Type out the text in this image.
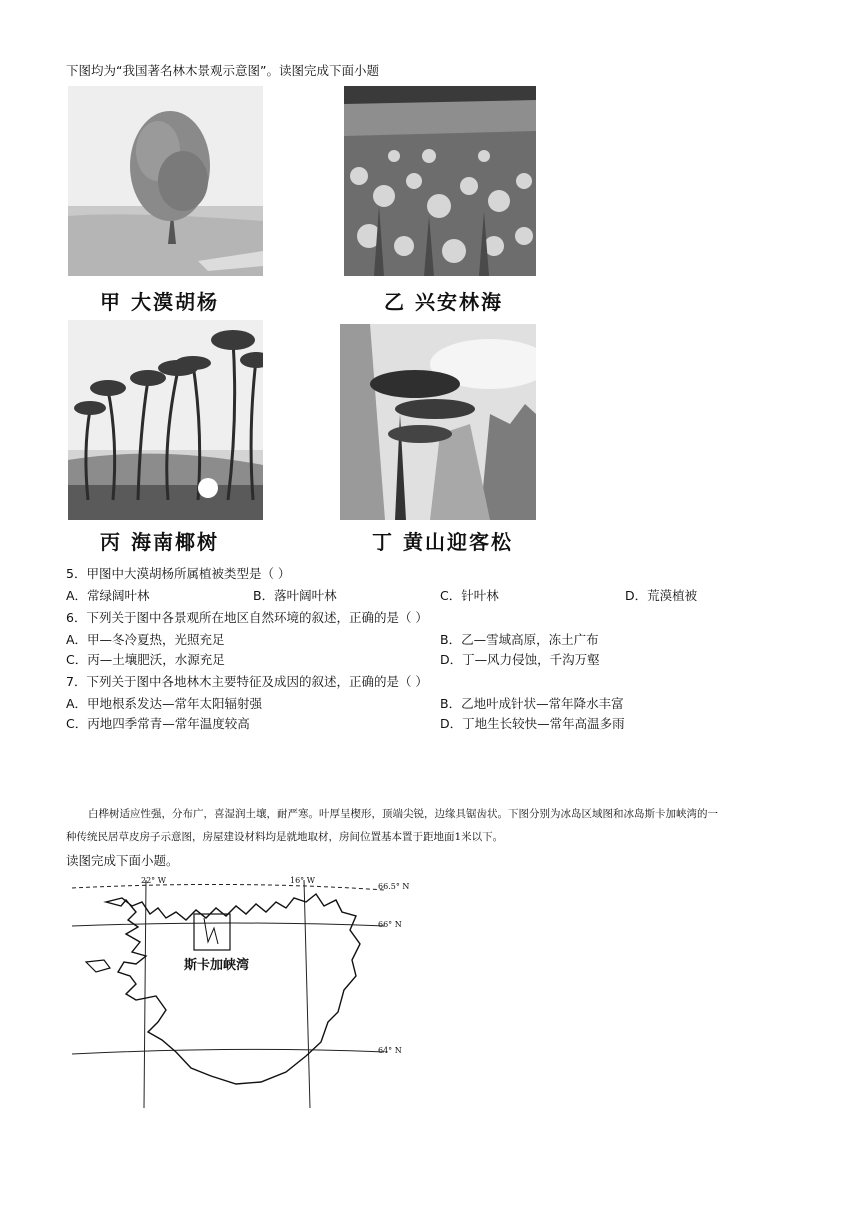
下图均为“我国著名林木景观示意图”。读图完成下面小题
甲 大漠胡杨	乙 兴安林海
丙 海南椰树	丁 黄山迎客松
5．甲图中大漠胡杨所属植被类型是（ ）
A．常绿阔叶林	B．落叶阔叶林	C．针叶林	D．荒漠植被
6．下列关于图中各景观所在地区自然环境的叙述，正确的是（ ）
A．甲—冬冷夏热，光照充足	B．乙—雪域高原，冻土广布
C．丙—土壤肥沃，水源充足	D．丁—风力侵蚀，千沟万壑
7．下列关于图中各地林木主要特征及成因的叙述，正确的是（ ）
A．甲地根系发达—常年太阳辐射强	B．乙地叶成针状—常年降水丰富
C．丙地四季常青—常年温度较高	D．丁地生长较快—常年高温多雨
白桦树适应性强，分布广，喜湿润土壤，耐严寒。叶厚呈楔形，顶端尖锐，边缘具锯齿状。下图分别为冰岛区域图和冰岛斯卡加峡湾的一
种传统民居草皮房子示意图，房屋建设材料均是就地取材，房间位置基本置于距地面1米以下。
读图完成下面小题。
22° W	16° W
66.5° N
66° N
64° N
斯卡加峡湾
